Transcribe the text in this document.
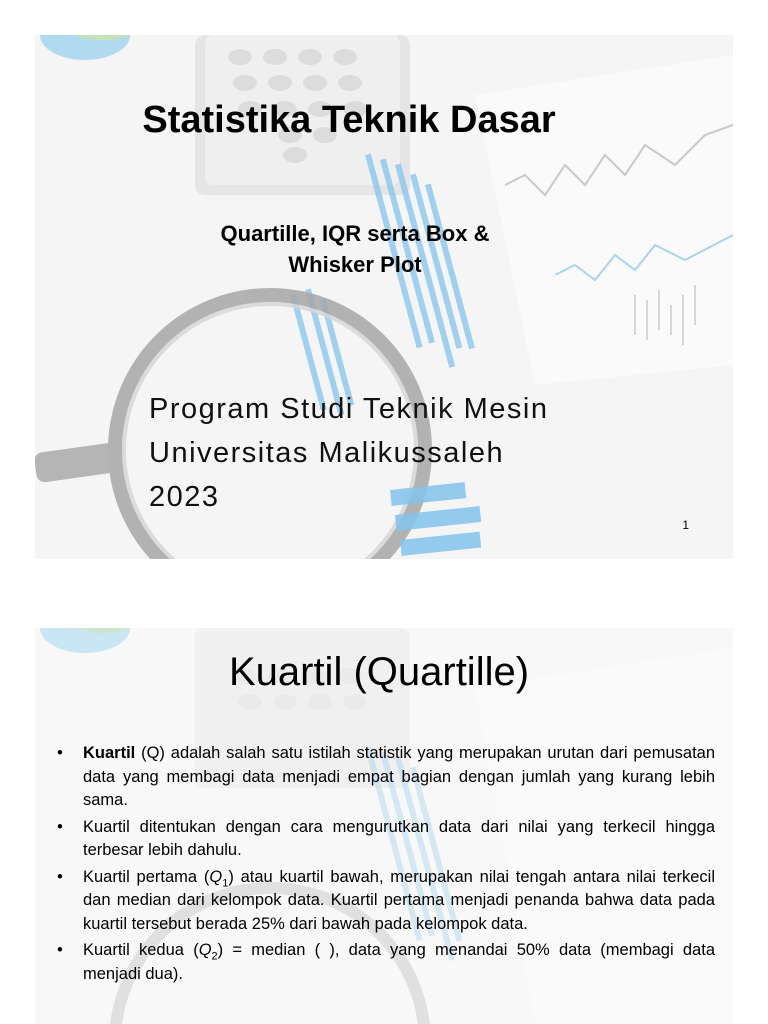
Statistika Teknik Dasar
Quartille, IQR serta Box &
Whisker Plot
Program Studi Teknik Mesin
Universitas Malikussaleh
2023
1
Kuartil (Quartille)
• Kuartil (Q) adalah salah satu istilah statistik yang merupakan urutan dari pemusatan data yang membagi data menjadi empat bagian dengan jumlah yang kurang lebih sama.
• Kuartil ditentukan dengan cara mengurutkan data dari nilai yang terkecil hingga terbesar lebih dahulu.
• Kuartil pertama $(Q_1)$ atau kuartil bawah, merupakan nilai tengah antara nilai terkecil dan median dari kelompok data. Kuartil pertama menjadi penanda bahwa data pada kuartil tersebut berada 25% dari bawah pada kelompok data.
• Kuartil kedua $(Q_2)$ = median ( ), data yang menandai 50% data (membagi data menjadi dua).
